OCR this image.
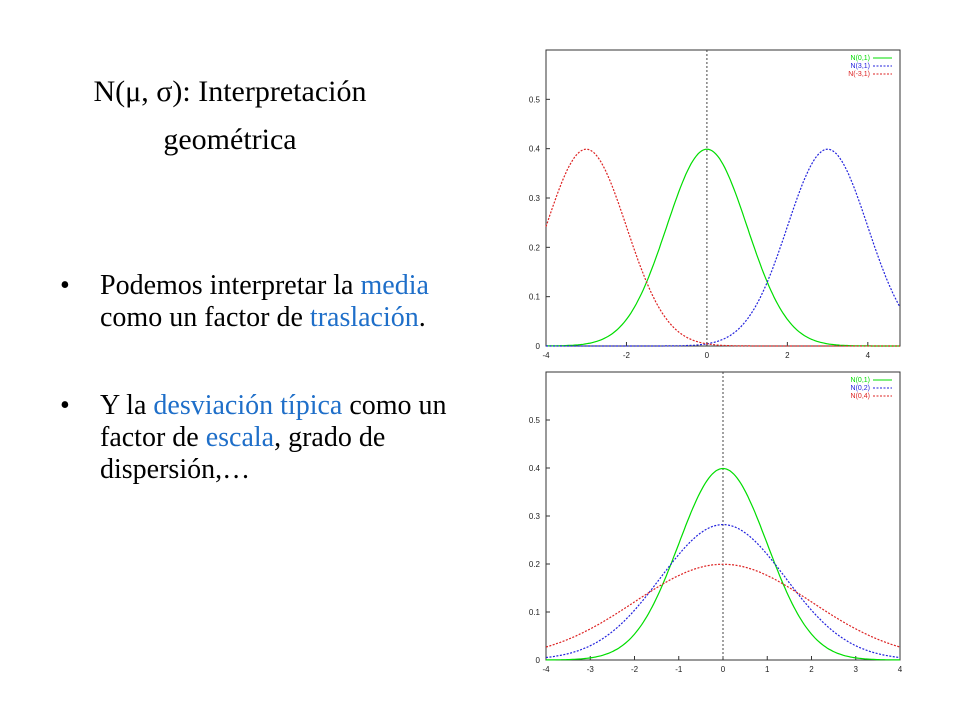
N(μ, σ): Interpretación
geométrica
• Podemos interpretar la media como un factor de traslación.
• Y la desviación típica como un factor de escala, grado de dispersión,…
0
0.1
0.2
0.3
0.4
0.5
-4	-2	0	2	4
N(0,1)
N(3,1)
N(-3,1)
0
0.1
0.2
0.3
0.4
0.5
-4	-3	-2	-1	0	1	2	3	4
N(0,1)
N(0,2)
N(0,4)
